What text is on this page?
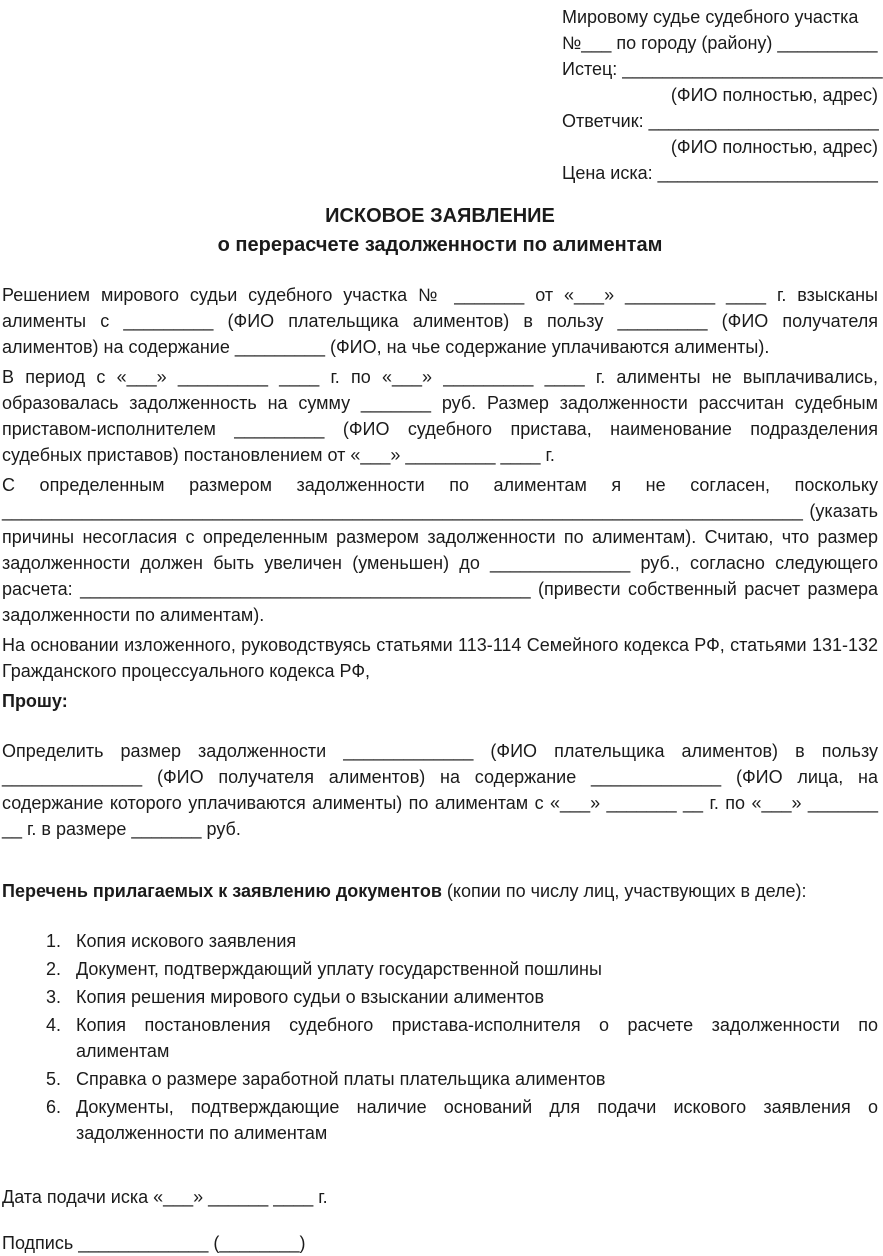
Мировому судье судебного участка
№___ по городу (району) __________
Истец: __________________________
(ФИО полностью, адрес)
Ответчик: _______________________
(ФИО полностью, адрес)
Цена иска: ______________________
ИСКОВОЕ ЗАЯВЛЕНИЕ
о перерасчете задолженности по алиментам

Решением мирового судьи судебного участка № _______ от «___» _________ ____ г. взысканы алименты с _________ (ФИО плательщика алиментов) в пользу _________ (ФИО получателя алиментов) на содержание _________ (ФИО, на чье содержание уплачиваются алименты).

В период с «___» _________ ____ г. по «___» _________ ____ г. алименты не выплачивались, образовалась задолженность на сумму _______ руб. Размер задолженности рассчитан судебным приставом-исполнителем _________ (ФИО судебного пристава, наименование подразделения судебных приставов) постановлением от «___» _________ ____ г.

С определенным размером задолженности по алиментам я не согласен, поскольку ________________________________________________________________________________ (указать причины несогласия с определенным размером задолженности по алиментам). Считаю, что размер задолженности должен быть увеличен (уменьшен) до ______________ руб., согласно следующего расчета: _____________________________________________ (привести собственный расчет размера задолженности по алиментам).

На основании изложенного, руководствуясь статьями 113-114 Семейного кодекса РФ, статьями 131-132 Гражданского процессуального кодекса РФ,

Прошу:

Определить размер задолженности _____________ (ФИО плательщика алиментов) в пользу ______________ (ФИО получателя алиментов) на содержание _____________ (ФИО лица, на содержание которого уплачиваются алименты) по алиментам с «___» _______ __ г. по «___» _______ __ г. в размере _______ руб.

Перечень прилагаемых к заявлению документов (копии по числу лиц, участвующих в деле):

1. Копия искового заявления
2. Документ, подтверждающий уплату государственной пошлины
3. Копия решения мирового судьи о взыскании алиментов
4. Копия постановления судебного пристава-исполнителя о расчете задолженности по алиментам
5. Справка о размере заработной платы плательщика алиментов
6. Документы, подтверждающие наличие оснований для подачи искового заявления о задолженности по алиментам

Дата подачи иска «___» ______ ____ г.

Подпись _____________ (________)
